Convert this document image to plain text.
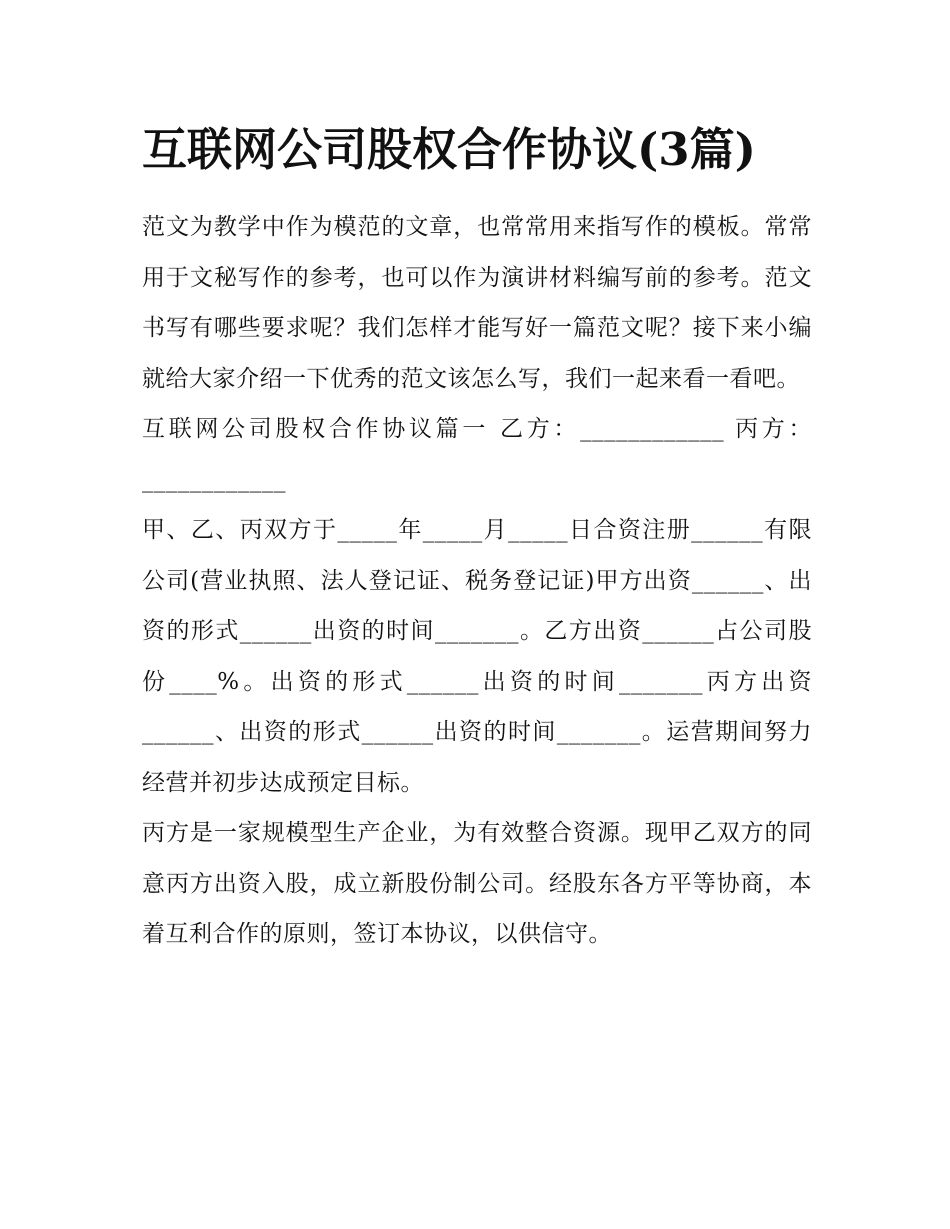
互联网公司股权合作协议(3篇)

范文为教学中作为模范的文章，也常常用来指写作的模板。常常用于文秘写作的参考，也可以作为演讲材料编写前的参考。范文书写有哪些要求呢？我们怎样才能写好一篇范文呢？接下来小编就给大家介绍一下优秀的范文该怎么写，我们一起来看一看吧。

互联网公司股权合作协议篇一 乙方：____________ 丙方：____________

甲、乙、丙双方于_____年_____月_____日合资注册______有限公司(营业执照、法人登记证、税务登记证)甲方出资______、出资的形式______出资的时间_______。乙方出资______占公司股份____%。出资的形式______出资的时间_______丙方出资______、出资的形式______出资的时间_______。运营期间努力经营并初步达成预定目标。

丙方是一家规模型生产企业，为有效整合资源。现甲乙双方的同意丙方出资入股，成立新股份制公司。经股东各方平等协商，本着互利合作的原则，签订本协议，以供信守。
